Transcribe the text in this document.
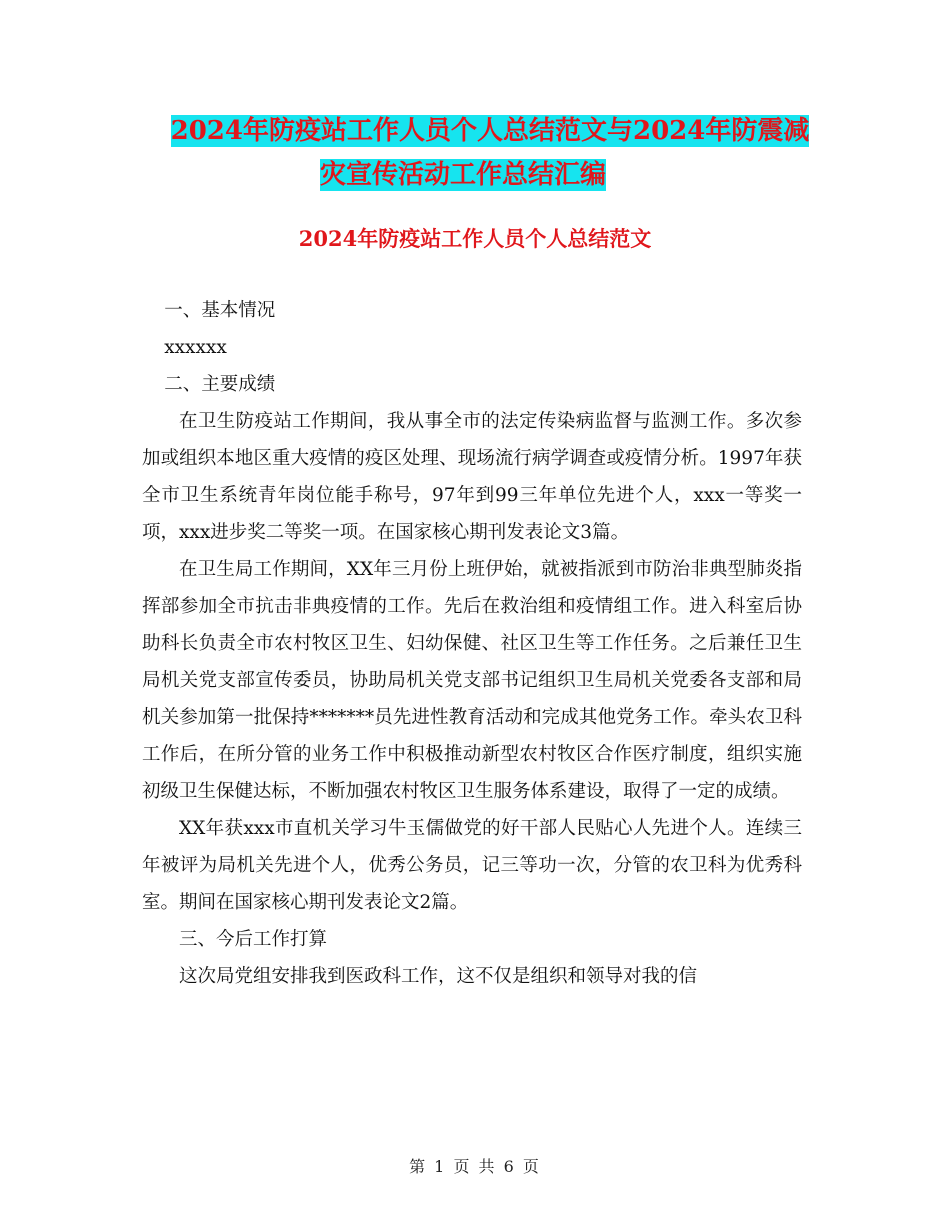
2024年防疫站工作人员个人总结范文与2024年防震减
灾宣传活动工作总结汇编
2024年防疫站工作人员个人总结范文

一、基本情况

xxxxxx

二、主要成绩

在卫生防疫站工作期间，我从事全市的法定传染病监督与监测工作。多次参加或组织本地区重大疫情的疫区处理、现场流行病学调查或疫情分析。1997年获全市卫生系统青年岗位能手称号，97年到99三年单位先进个人，xxx一等奖一项，xxx进步奖二等奖一项。在国家核心期刊发表论文3篇。

在卫生局工作期间，XX年三月份上班伊始，就被指派到市防治非典型肺炎指挥部参加全市抗击非典疫情的工作。先后在救治组和疫情组工作。进入科室后协助科长负责全市农村牧区卫生、妇幼保健、社区卫生等工作任务。之后兼任卫生局机关党支部宣传委员，协助局机关党支部书记组织卫生局机关党委各支部和局机关参加第一批保持*******员先进性教育活动和完成其他党务工作。牵头农卫科工作后，在所分管的业务工作中积极推动新型农村牧区合作医疗制度，组织实施初级卫生保健达标，不断加强农村牧区卫生服务体系建设，取得了一定的成绩。

XX年获xxx市直机关学习牛玉儒做党的好干部人民贴心人先进个人。连续三年被评为局机关先进个人，优秀公务员，记三等功一次，分管的农卫科为优秀科室。期间在国家核心期刊发表论文2篇。

三、今后工作打算

这次局党组安排我到医政科工作，这不仅是组织和领导对我的信

第 1 页 共 6 页
